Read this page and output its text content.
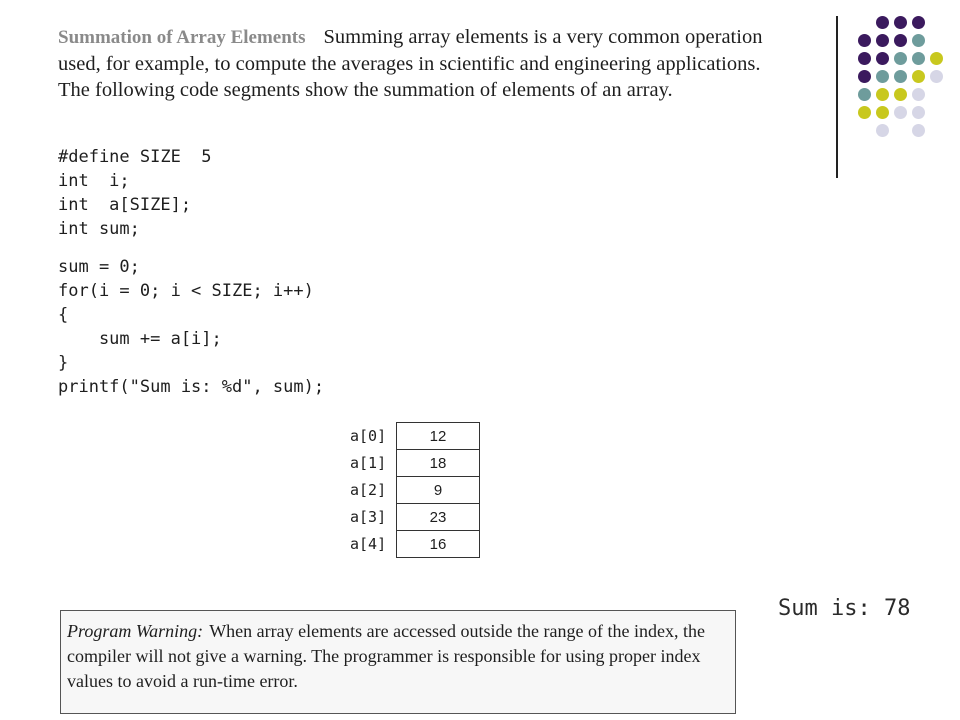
Summation of Array Elements Summing array elements is a very common operation used, for example, to compute the averages in scientific and engineering applications. The following code segments show the summation of elements of an array.

#define SIZE  5
int  i;
int  a[SIZE];
int sum;
sum = 0;
for(i = 0; i < SIZE; i++)
{
sum += a[i];
}
printf("Sum is: %d", sum);
a[0]	12
a[1]	18
a[2]	9
a[3]	23
a[4]	16
Sum is: 78
Program Warning: When array elements are accessed outside the range of the index, the compiler will not give a warning. The programmer is responsible for using proper index values to avoid a run-time error.
